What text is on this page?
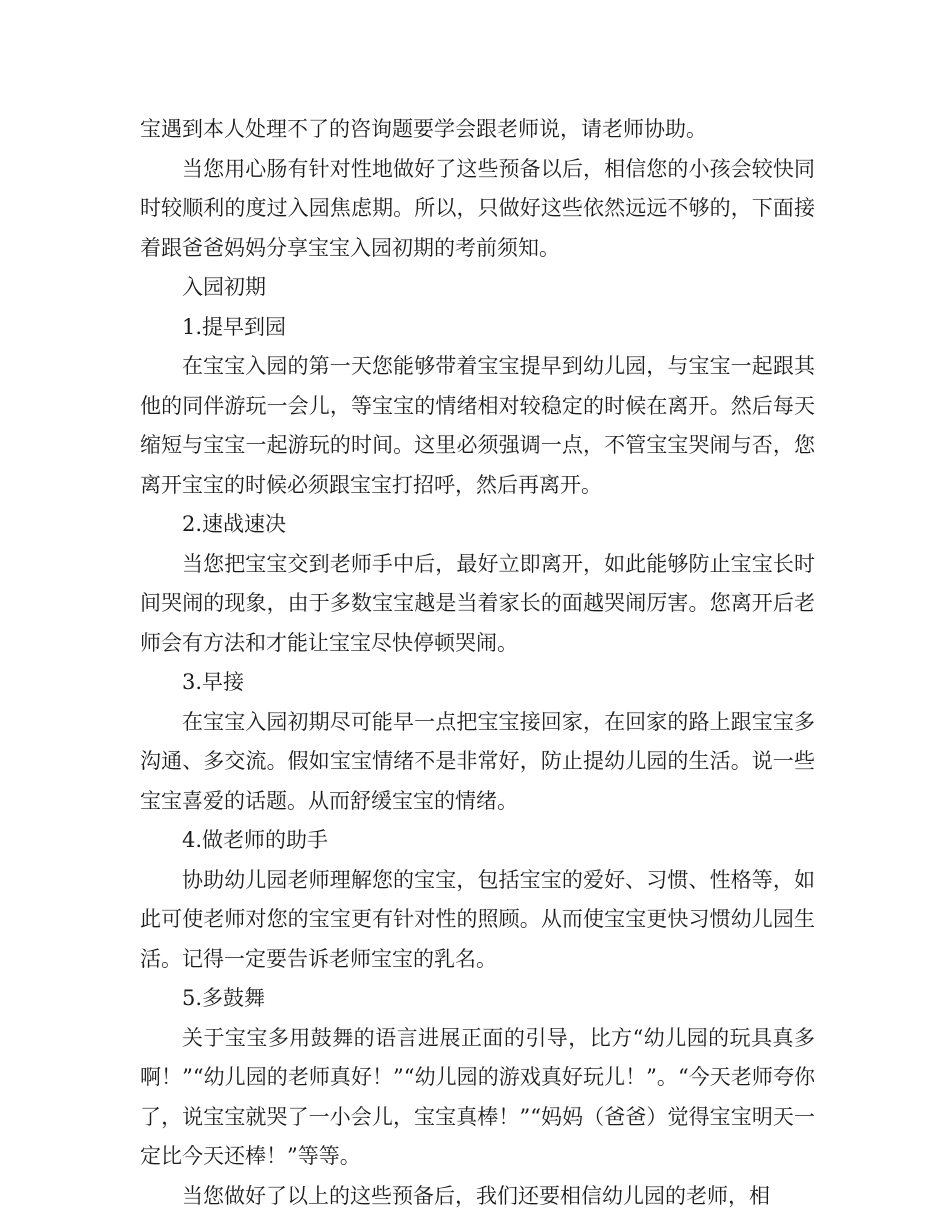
宝遇到本人处理不了的咨询题要学会跟老师说，请老师协助。

当您用心肠有针对性地做好了这些预备以后，相信您的小孩会较快同时较顺利的度过入园焦虑期。所以，只做好这些依然远远不够的，下面接着跟爸爸妈妈分享宝宝入园初期的考前须知。

入园初期

1.提早到园

在宝宝入园的第一天您能够带着宝宝提早到幼儿园，与宝宝一起跟其他的同伴游玩一会儿，等宝宝的情绪相对较稳定的时候在离开。然后每天缩短与宝宝一起游玩的时间。这里必须强调一点，不管宝宝哭闹与否，您离开宝宝的时候必须跟宝宝打招呼，然后再离开。

2.速战速决

当您把宝宝交到老师手中后，最好立即离开，如此能够防止宝宝长时间哭闹的现象，由于多数宝宝越是当着家长的面越哭闹厉害。您离开后老师会有方法和才能让宝宝尽快停顿哭闹。

3.早接

在宝宝入园初期尽可能早一点把宝宝接回家，在回家的路上跟宝宝多沟通、多交流。假如宝宝情绪不是非常好，防止提幼儿园的生活。说一些宝宝喜爱的话题。从而舒缓宝宝的情绪。

4.做老师的助手

协助幼儿园老师理解您的宝宝，包括宝宝的爱好、习惯、性格等，如此可使老师对您的宝宝更有针对性的照顾。从而使宝宝更快习惯幼儿园生活。记得一定要告诉老师宝宝的乳名。

5.多鼓舞

关于宝宝多用鼓舞的语言进展正面的引导，比方“幼儿园的玩具真多啊！”“幼儿园的老师真好！”“幼儿园的游戏真好玩儿！”。“今天老师夸你了，说宝宝就哭了一小会儿，宝宝真棒！”“妈妈（爸爸）觉得宝宝明天一定比今天还棒！”等等。

当您做好了以上的这些预备后，我们还要相信幼儿园的老师，相
